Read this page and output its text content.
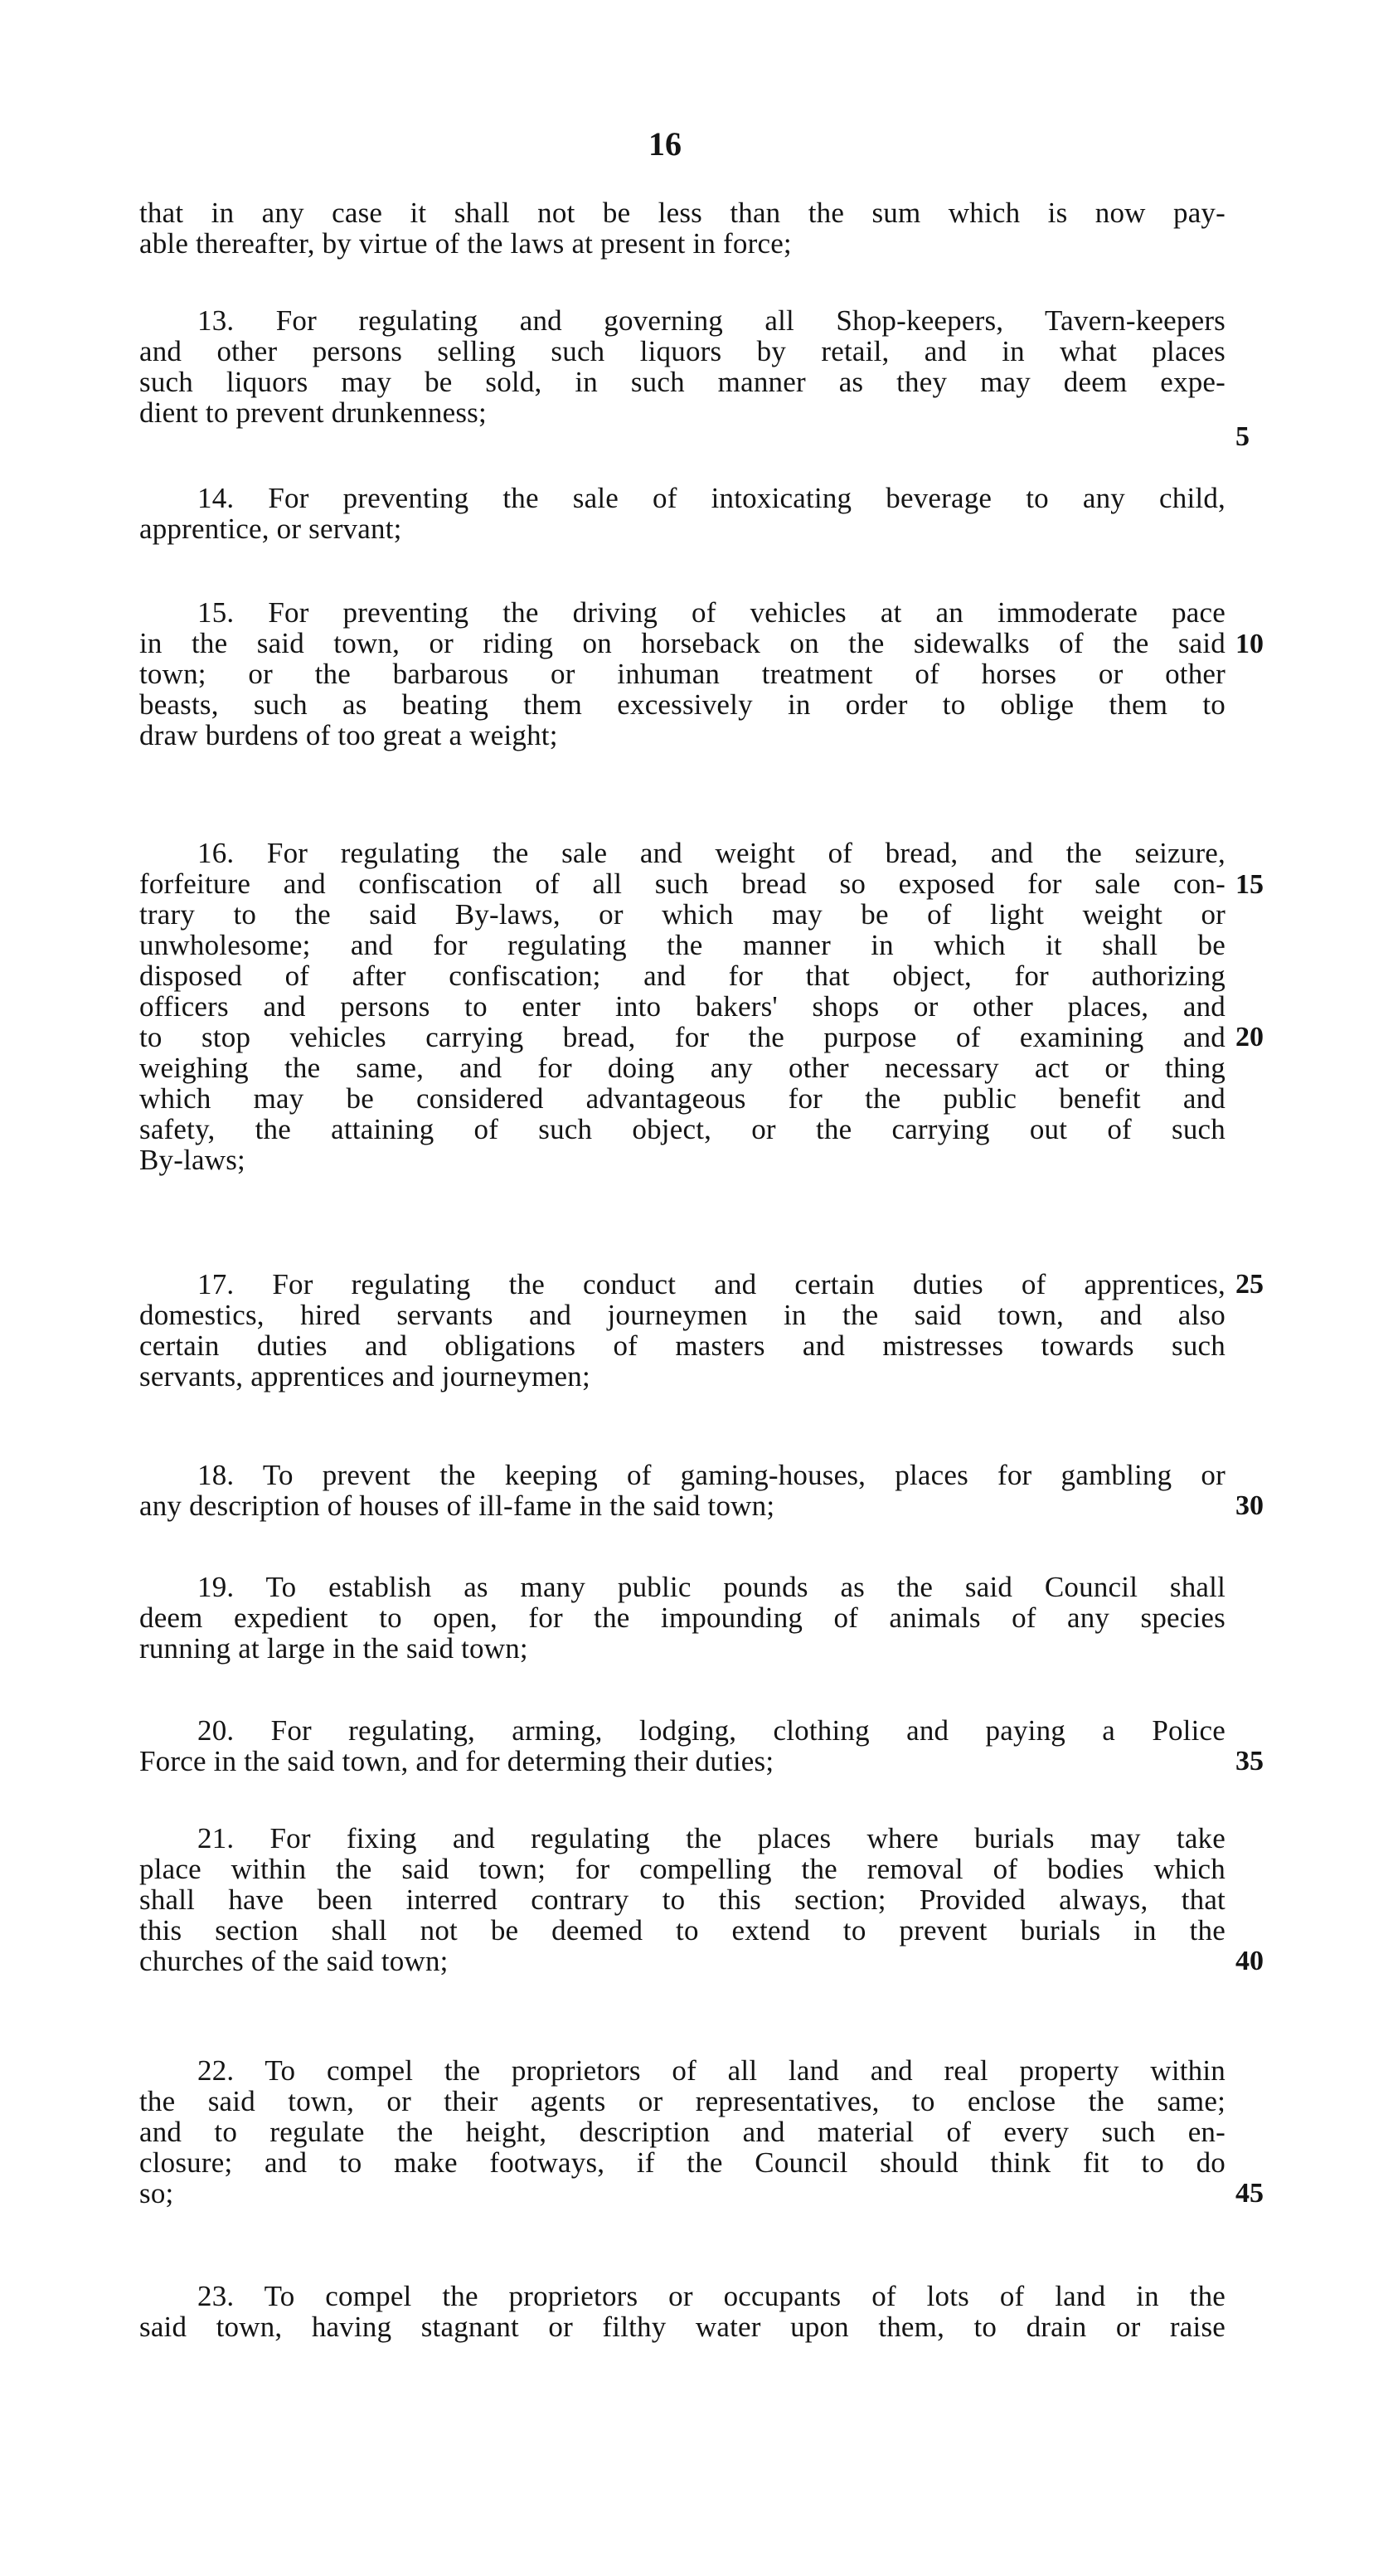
16
that in any case it shall not be less than the sum which is now pay-
able thereafter, by virtue of the laws at present in force;
13. For regulating and governing all Shop-keepers, Tavern-keepers
and other persons selling such liquors by retail, and in what places
such liquors may be sold, in such manner as they may deem expe-
dient to prevent drunkenness;
14. For preventing the sale of intoxicating beverage to any child,
apprentice, or servant;
15. For preventing the driving of vehicles at an immoderate pace
in the said town, or riding on horseback on the sidewalks of the said
town; or the barbarous or inhuman treatment of horses or other
beasts, such as beating them excessively in order to oblige them to
draw burdens of too great a weight;
16. For regulating the sale and weight of bread, and the seizure,
forfeiture and confiscation of all such bread so exposed for sale con-
trary to the said By-laws, or which may be of light weight or
unwholesome; and for regulating the manner in which it shall be
disposed of after confiscation; and for that object, for authorizing
officers and persons to enter into bakers' shops or other places, and
to stop vehicles carrying bread, for the purpose of examining and
weighing the same, and for doing any other necessary act or thing
which may be considered advantageous for the public benefit and
safety, the attaining of such object, or the carrying out of such
By-laws;
17. For regulating the conduct and certain duties of apprentices,
domestics, hired servants and journeymen in the said town, and also
certain duties and obligations of masters and mistresses towards such
servants, apprentices and journeymen;
18. To prevent the keeping of gaming-houses, places for gambling or
any description of houses of ill-fame in the said town;
19. To establish as many public pounds as the said Council shall
deem expedient to open, for the impounding of animals of any species
running at large in the said town;
20. For regulating, arming, lodging, clothing and paying a Police
Force in the said town, and for determing their duties;
21. For fixing and regulating the places where burials may take
place within the said town; for compelling the removal of bodies which
shall have been interred contrary to this section; Provided always, that
this section shall not be deemed to extend to prevent burials in the
churches of the said town;
22. To compel the proprietors of all land and real property within
the said town, or their agents or representatives, to enclose the same;
and to regulate the height, description and material of every such en-
closure; and to make footways, if the Council should think fit to do
so;
23. To compel the proprietors or occupants of lots of land in the
said town, having stagnant or filthy water upon them, to drain or raise
5
10
15
20
25
30
35
40
45
